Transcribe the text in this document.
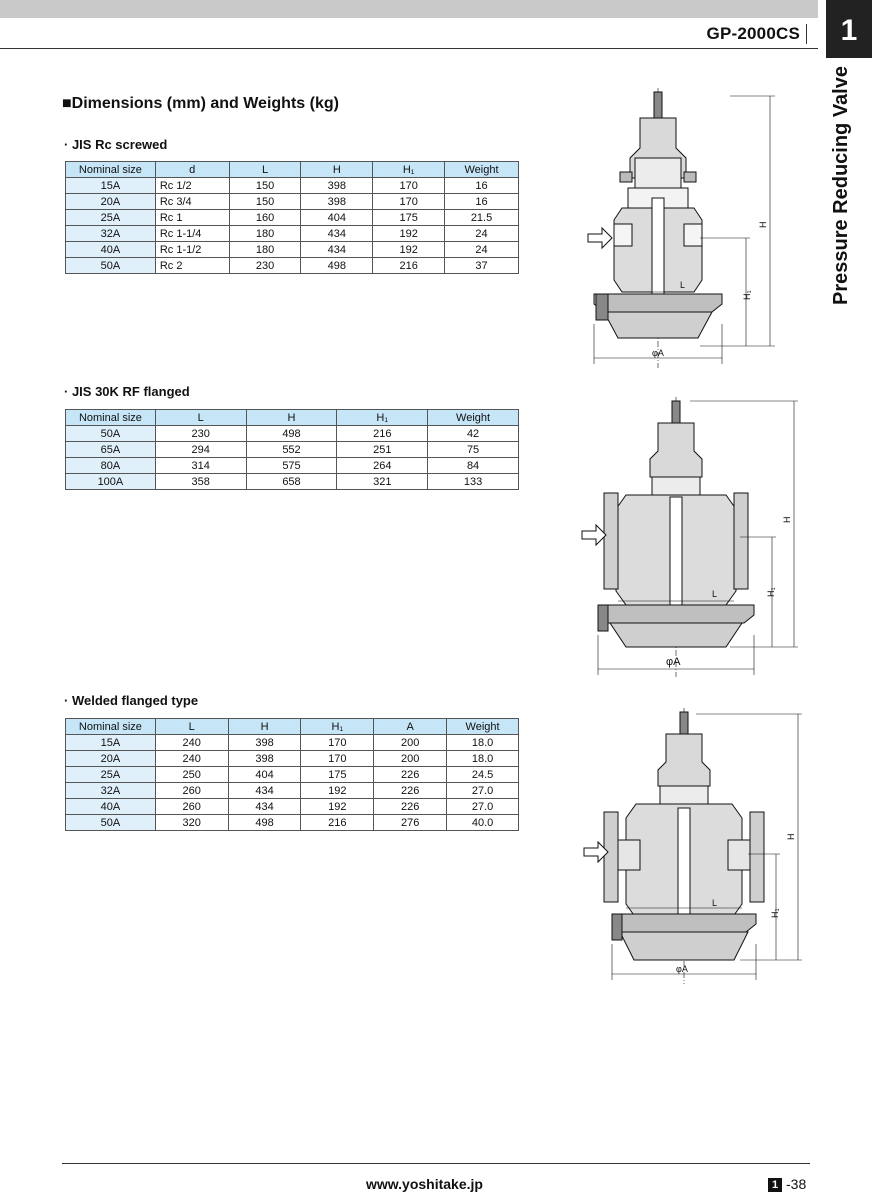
GP-2000CS	1
Pressure Reducing Valve
■Dimensions (mm) and Weights (kg)
· JIS Rc screwed
Nominal size	d	L	H	H₁	Weight
15A	Rc 1/2	150	398	170	16
20A	Rc 3/4	150	398	170	16
25A	Rc 1	160	404	175	21.5
32A	Rc 1-1/4	180	434	192	24
40A	Rc 1-1/2	180	434	192	24
50A	Rc 2	230	498	216	37
· JIS 30K RF flanged
Nominal size	L	H	H₁	Weight
50A	230	498	216	42
65A	294	552	251	75
80A	314	575	264	84
100A	358	658	321	133
· Welded flanged type
Nominal size	L	H	H₁	A	Weight
15A	240	398	170	200	18.0
20A	240	398	170	200	18.0
25A	250	404	175	226	24.5
32A	260	434	192	226	27.0
40A	260	434	192	226	27.0
50A	320	498	216	276	40.0
H
H₁
L
φA
H
H₁
L
φA
H
H₁
L
φA
www.yoshitake.jp	1 -38
